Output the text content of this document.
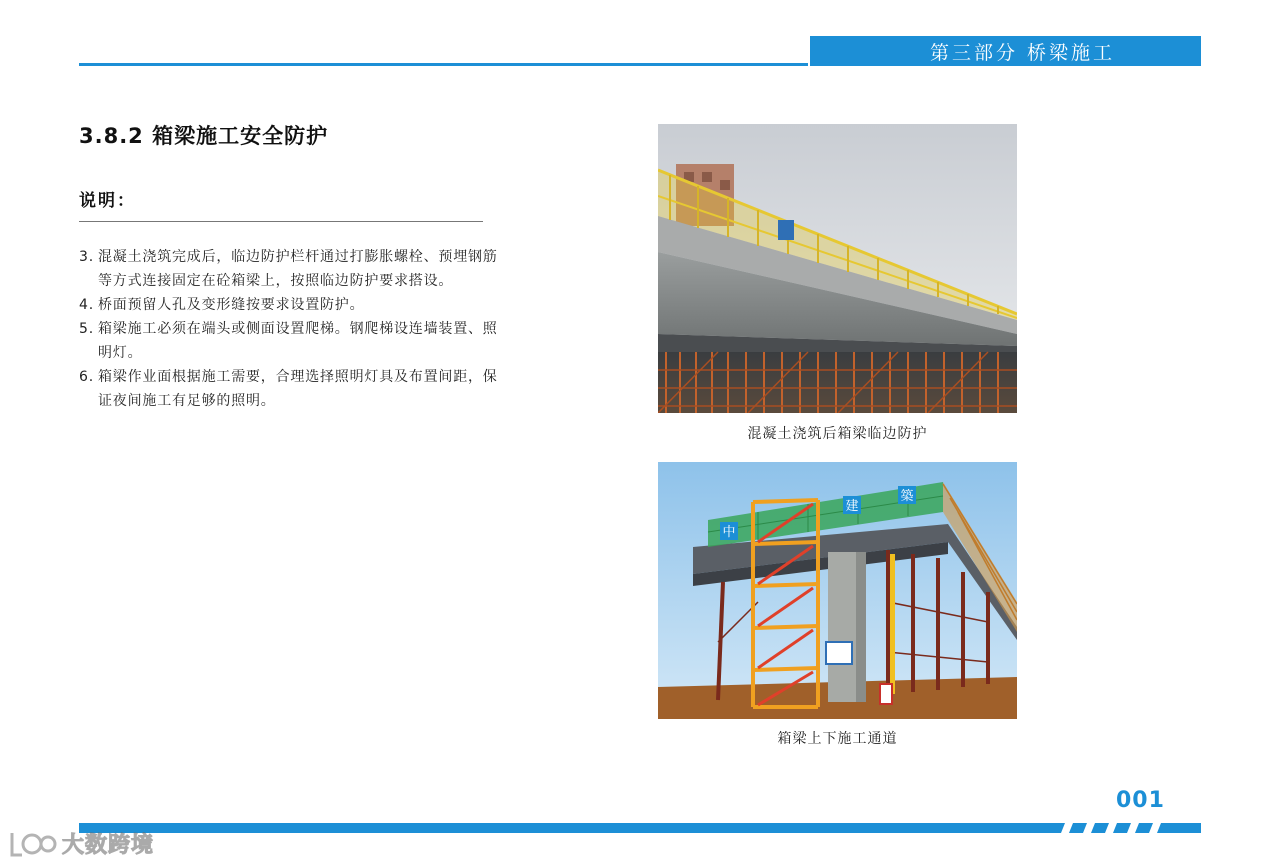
第三部分 桥梁施工
3.8.2 箱梁施工安全防护
说明：
3. 混凝土浇筑完成后，临边防护栏杆通过打膨胀螺栓、预埋钢筋等方式连接固定在砼箱梁上，按照临边防护要求搭设。
4. 桥面预留人孔及变形缝按要求设置防护。
5. 箱梁施工必须在端头或侧面设置爬梯。钢爬梯设连墙装置、照明灯。
6. 箱梁作业面根据施工需要，合理选择照明灯具及布置间距，保证夜间施工有足够的照明。
混凝土浇筑后箱梁临边防护
中
建
築
箱梁上下施工通道
001
大数跨境
